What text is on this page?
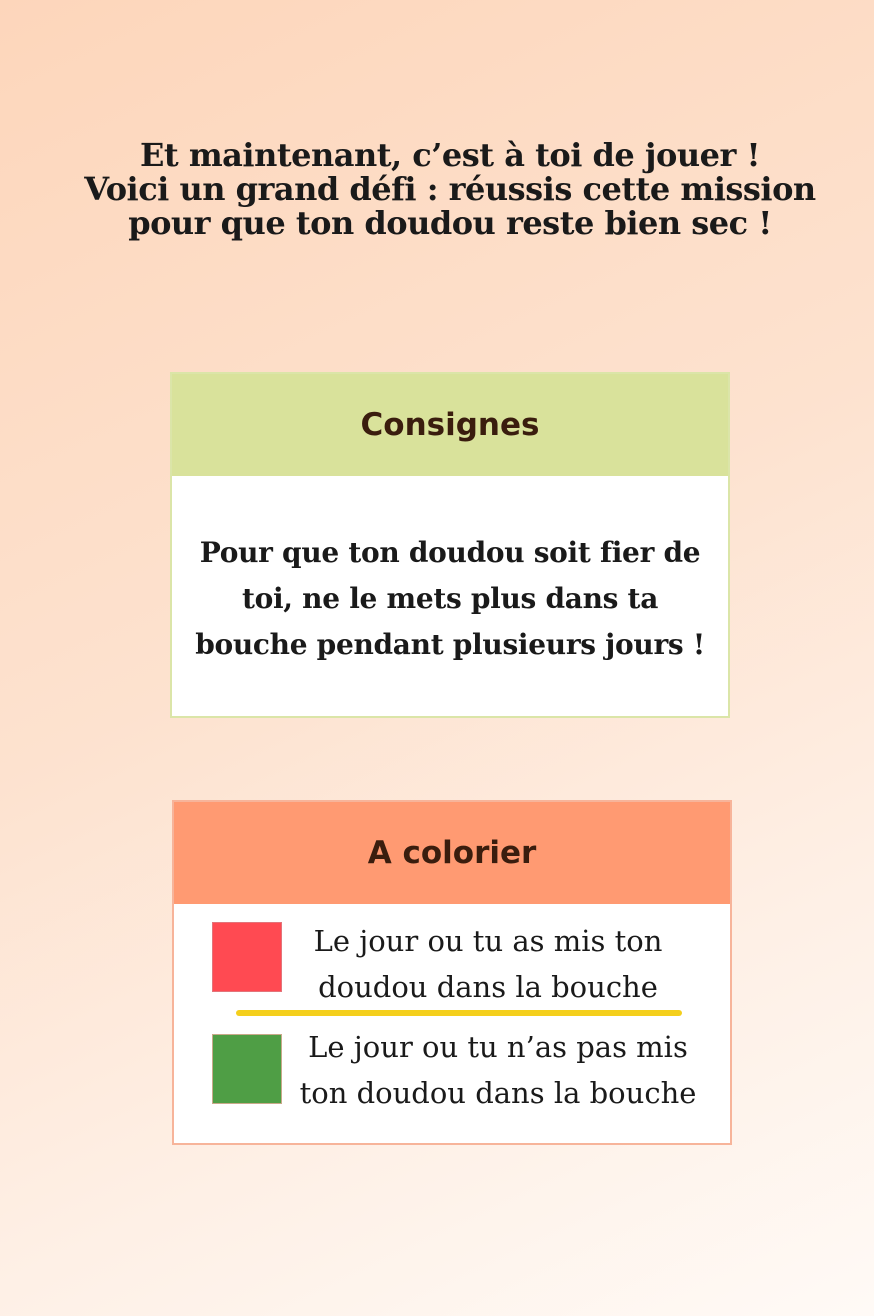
Et maintenant, c’est à toi de jouer !
Voici un grand défi : réussis cette mission
pour que ton doudou reste bien sec !
Consignes
Pour que ton doudou soit fier de
toi, ne le mets plus dans ta
bouche pendant plusieurs jours !
A colorier
Le jour ou tu as mis ton
doudou dans la bouche
Le jour ou tu n’as pas mis
ton doudou dans la bouche
